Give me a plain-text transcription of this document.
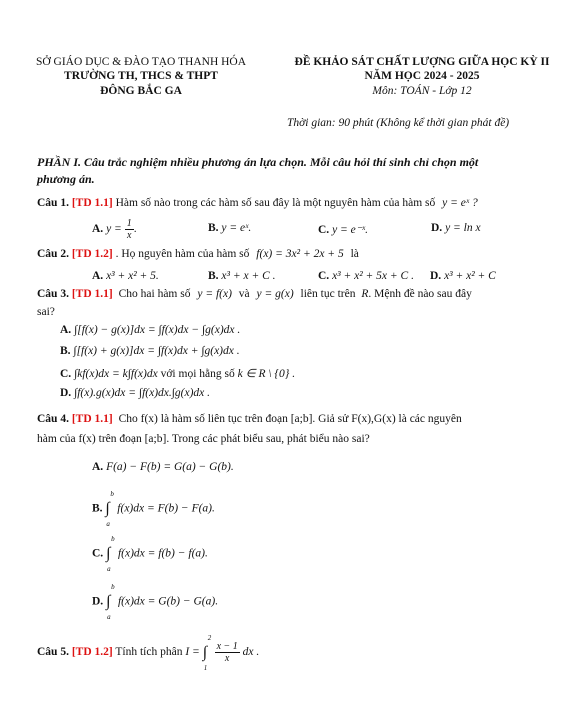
SỞ GIÁO DỤC & ĐÀO TẠO THANH HÓA
TRƯỜNG TH, THCS & THPT
ĐÔNG BẮC GA
ĐỀ KHẢO SÁT CHẤT LƯỢNG GIỮA HỌC KỲ II
NĂM HỌC 2024 - 2025
Môn: TOÁN - Lớp 12
Thời gian: 90 phút (Không kể thời gian phát đề)
PHẦN I. Câu trắc nghiệm nhiều phương án lựa chọn. Mỗi câu hỏi thí sinh chỉ chọn một
phương án.
Câu 1. [TD 1.1] Hàm số nào trong các hàm số sau đây là một nguyên hàm của hàm số y = eˣ ?
A. $y = \frac{1}{x}$ .	B. y = eˣ.	C. y = e⁻ˣ.	D. y = ln x
Câu 2. [TD 1.2] . Họ nguyên hàm của hàm số f(x) = 3x² + 2x + 5 là
A. x³ + x² + 5.	B. x³ + x + C .	C. x³ + x² + 5x + C . D. x³ + x² + C
Câu 3. [TD 1.1] Cho hai hàm số y = f(x) và y = g(x) liên tục trên R. Mệnh đề nào sau đây
sai?
A. ∫[f(x) − g(x)]dx = ∫f(x)dx − ∫g(x)dx .
B. ∫[f(x) + g(x)]dx = ∫f(x)dx + ∫g(x)dx .
C. ∫kf(x)dx = k∫f(x)dx với mọi hằng số k ∈ R \ {0} .
D. ∫f(x).g(x)dx = ∫f(x)dx.∫g(x)dx .
Câu 4. [TD 1.1] Cho f(x) là hàm số liên tục trên đoạn [a;b]. Giả sử F(x),G(x) là các nguyên
hàm của f(x) trên đoạn [a;b]. Trong các phát biểu sau, phát biểu nào sai?
A. F(a) − F(b) = G(a) − G(b).
B. ∫
b
a
f(x)dx = F(b) − F(a).
C. ∫
b
a
f(x)dx = f(b) − f(a).
D. ∫
b
a
f(x)dx = G(b) − G(a).
Câu 5. [TD 1.2] Tính tích phân I = ∫
2
1

$\frac{x - 1}{x}$ dx .
